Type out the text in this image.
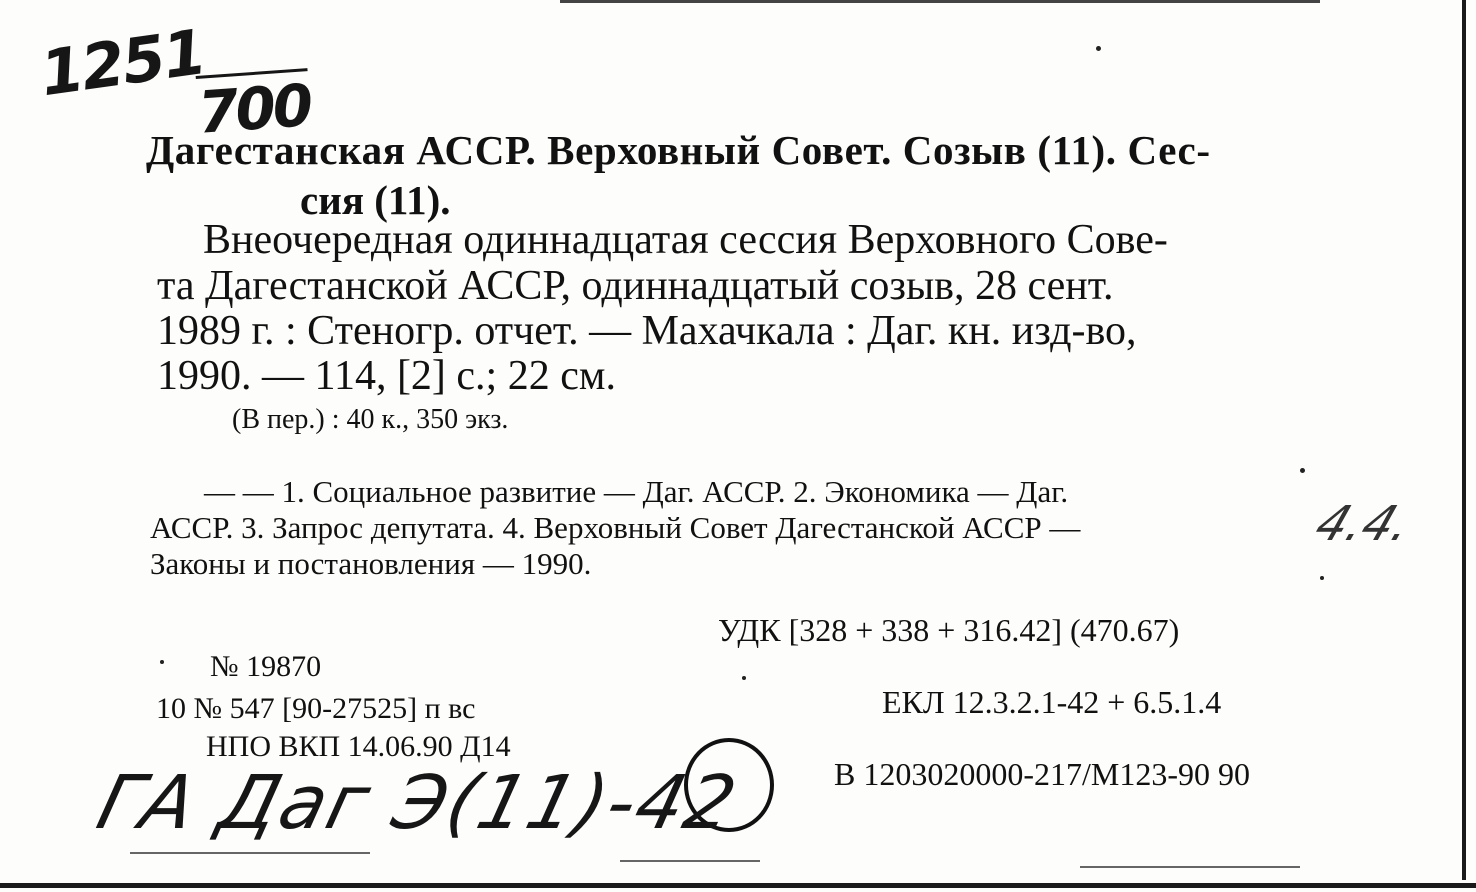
1251
700
Дагестанская АССР. Верховный Совет. Созыв (11). Сес-
сия (11).
Внеочередная одиннадцатая сессия Верховного Сове-
та Дагестанской АССР, одиннадцатый созыв, 28 сент.
1989 г. : Стеногр. отчет. — Махачкала : Даг. кн. изд-во,
1990. — 114, [2] с.; 22 см.
(В пер.) : 40 к., 350 экз.
— — 1. Социальное развитие — Даг. АССР. 2. Экономика — Даг.
АССР. 3. Запрос депутата. 4. Верховный Совет Дагестанской АССР —
Законы и постановления — 1990.
4.4.
УДК [328 + 338 + 316.42] (470.67)
№ 19870
10 № 547 [90-27525] п вс
НПО ВКП 14.06.90 Д14
ЕКЛ 12.3.2.1-42 + 6.5.1.4
В 1203020000-217/М123-90 90
ГА Даг Э(11)-42
